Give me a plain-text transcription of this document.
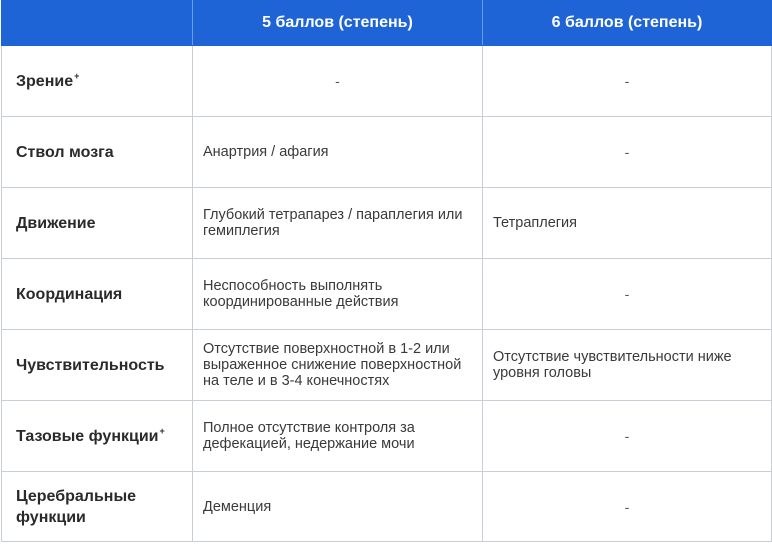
	5 баллов (степень)	6 баллов (степень)
Зрение+	-	-
Ствол мозга	Анартрия / афагия	-
Движение	Глубокий тетрапарез / параплегия или гемиплегия	Тетраплегия
Координация	Неспособность выполнять координированные действия	-
Чувствительность	Отсутствие поверхностной в 1-2 или выраженное снижение поверхностной на теле и в 3-4 конечностях	Отсутствие чувствительности ниже уровня головы
Тазовые функции+	Полное отсутствие контроля за дефекацией, недержание мочи	-
Церебральные функции	Деменция	-
